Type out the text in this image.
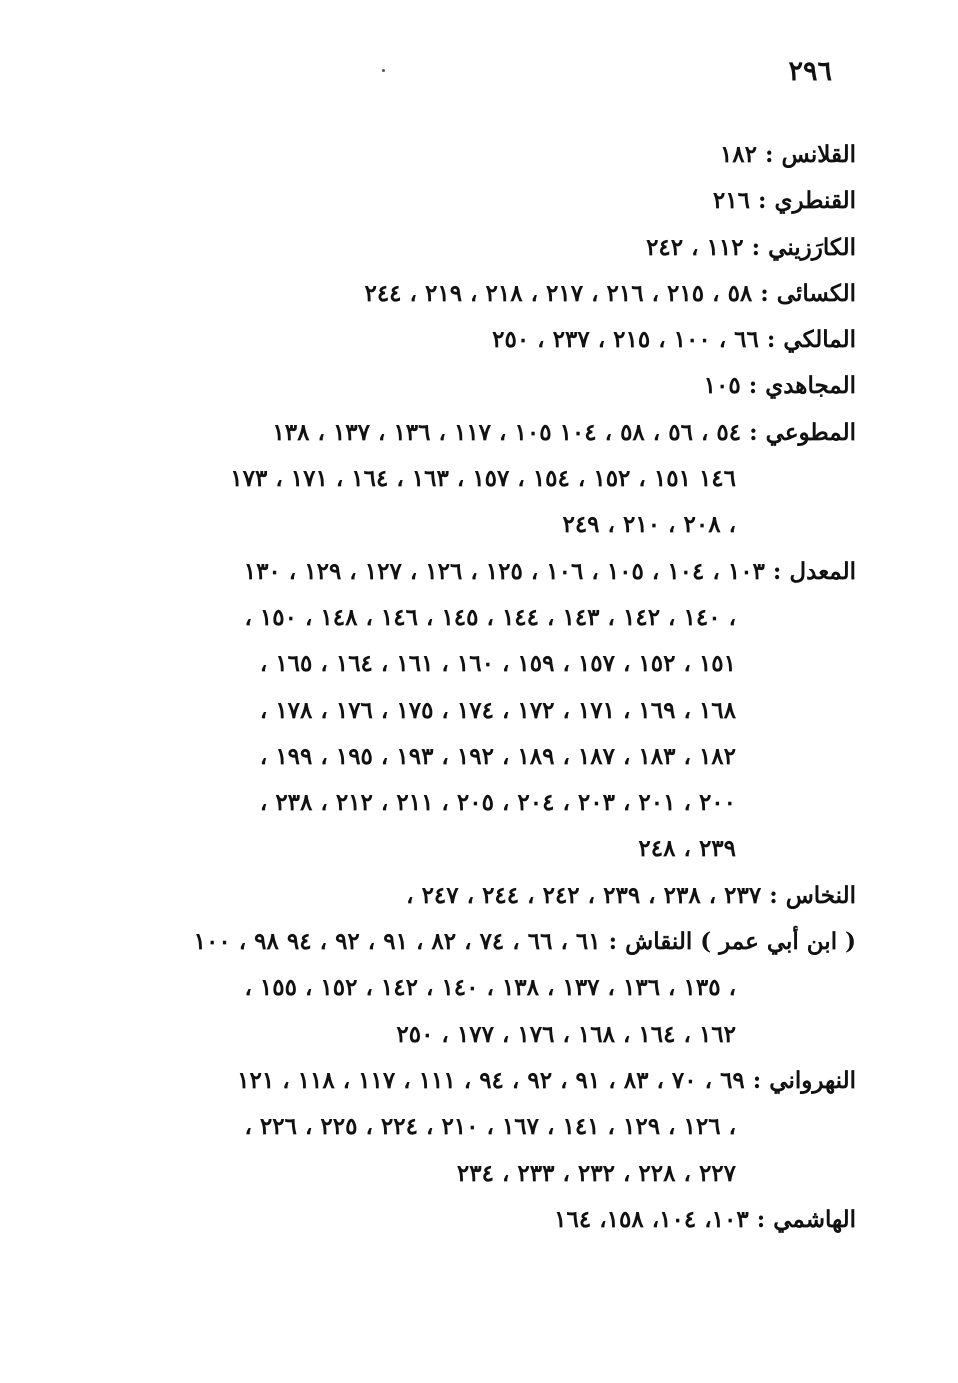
٢٩٦
القلانس : ١٨٢
القنطري : ٢١٦
الكارَزيني : ١١٢ ، ٢٤٢
الكسائى : ٥٨ ، ٢١٥ ، ٢١٦ ، ٢١٧ ، ٢١٨ ، ٢١٩ ، ٢٤٤
المالكي : ٦٦ ، ١٠٠ ، ٢١٥ ، ٢٣٧ ، ٢٥٠
المجاهدي : ١٠٥
المطوعي : ٥٤ ، ٥٦ ، ٥٨ ، ١٠٤ ١٠٥ ، ١١٧ ، ١٣٦ ، ١٣٧ ، ١٣٨
١٤٦ ١٥١ ، ١٥٢ ، ١٥٤ ، ١٥٧ ، ١٦٣ ، ١٦٤ ، ١٧١ ، ١٧٣
، ٢٠٨ ، ٢١٠ ، ٢٤٩
المعدل : ١٠٣ ، ١٠٤ ، ١٠٥ ، ١٠٦ ، ١٢٥ ، ١٢٦ ، ١٢٧ ، ١٢٩ ، ١٣٠
، ١٤٠ ، ١٤٢ ، ١٤٣ ، ١٤٤ ، ١٤٥ ، ١٤٦ ، ١٤٨ ، ١٥٠ ،
١٥١ ، ١٥٢ ، ١٥٧ ، ١٥٩ ، ١٦٠ ، ١٦١ ، ١٦٤ ، ١٦٥ ،
١٦٨ ، ١٦٩ ، ١٧١ ، ١٧٢ ، ١٧٤ ، ١٧٥ ، ١٧٦ ، ١٧٨ ،
١٨٢ ، ١٨٣ ، ١٨٧ ، ١٨٩ ، ١٩٢ ، ١٩٣ ، ١٩٥ ، ١٩٩ ،
٢٠٠ ، ٢٠١ ، ٢٠٣ ، ٢٠٤ ، ٢٠٥ ، ٢١١ ، ٢١٢ ، ٢٣٨ ،
٢٣٩ ، ٢٤٨
النخاس : ٢٣٧ ، ٢٣٨ ، ٢٣٩ ، ٢٤٢ ، ٢٤٤ ، ٢٤٧ ،
( ابن أبي عمر ) النقاش : ٦١ ، ٦٦ ، ٧٤ ، ٨٢ ، ٩١ ، ٩٢ ، ٩٤ ٩٨ ، ١٠٠
، ١٣٥ ، ١٣٦ ، ١٣٧ ، ١٣٨ ، ١٤٠ ، ١٤٢ ، ١٥٢ ، ١٥٥ ،
١٦٢ ، ١٦٤ ، ١٦٨ ، ١٧٦ ، ١٧٧ ، ٢٥٠
النهرواني : ٦٩ ، ٧٠ ، ٨٣ ، ٩١ ، ٩٢ ، ٩٤ ، ١١١ ، ١١٧ ، ١١٨ ، ١٢١
، ١٢٦ ، ١٢٩ ، ١٤١ ، ١٦٧ ، ٢١٠ ، ٢٢٤ ، ٢٢٥ ، ٢٢٦ ،
٢٢٧ ، ٢٢٨ ، ٢٣٢ ، ٢٣٣ ، ٢٣٤
الهاشمي : ١٠٣، ١٠٤، ١٥٨، ١٦٤
